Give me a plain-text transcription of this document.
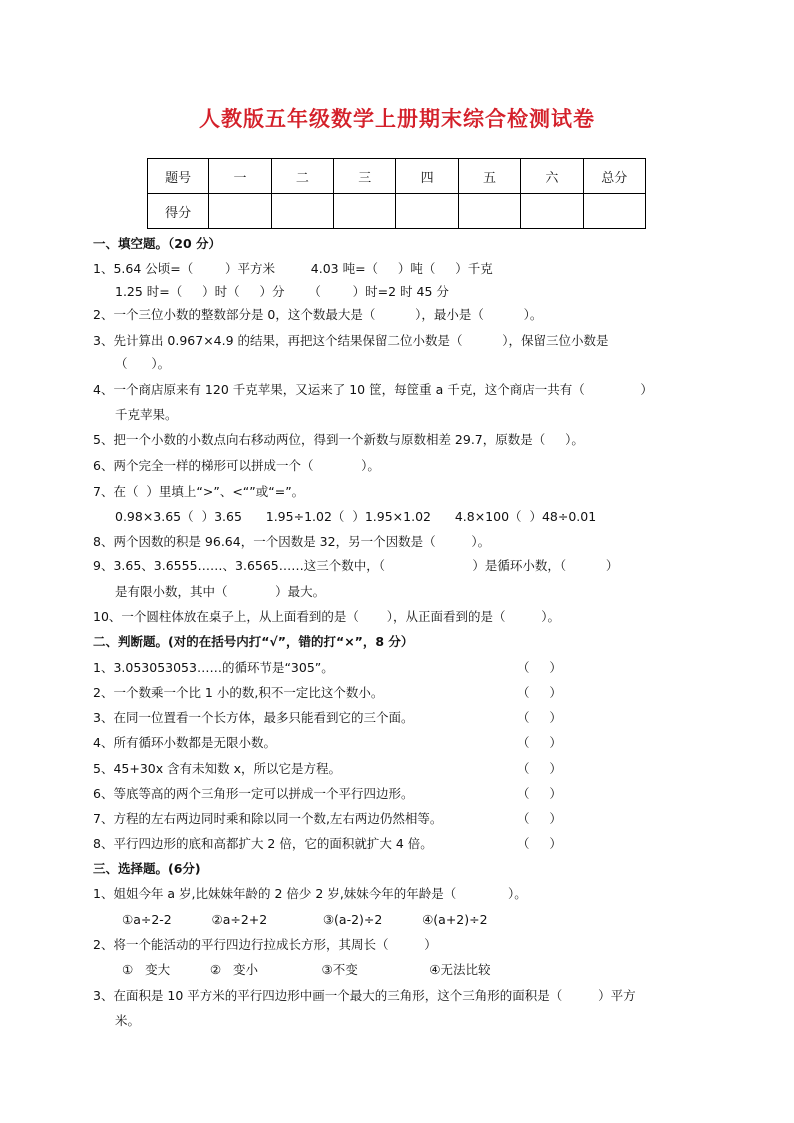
人教版五年级数学上册期末综合检测试卷
题号	一	二	三	四	五	六	总分
得分							
一、填空题。（20 分）
1、5.64 公顷=（        ）平方米         4.03 吨=（     ）吨（     ）千克
1.25 时=（     ）时（     ）分      （        ）时=2 时 45 分
2、一个三位小数的整数部分是 0，这个数最大是（          ），最小是（          ）。
3、先计算出 0.967×4.9 的结果，再把这个结果保留二位小数是（          ），保留三位小数是
（      ）。
4、一个商店原来有 120 千克苹果，又运来了 10 筐，每筐重 a 千克，这个商店一共有（              ）
千克苹果。
5、把一个小数的小数点向右移动两位，得到一个新数与原数相差 29.7，原数是（     ）。
6、两个完全一样的梯形可以拼成一个（            ）。
7、在（  ）里填上“>”、<“”或“=”。
0.98×3.65（  ）3.65      1.95÷1.02（  ）1.95×1.02      4.8×100（  ）48÷0.01
8、两个因数的积是 96.64，一个因数是 32，另一个因数是（         ）。
9、3.65、3.6555……、3.6565……这三个数中，（                      ）是循环小数，（          ）
是有限小数，其中（            ）最大。
10、一个圆柱体放在桌子上，从上面看到的是（       ），从正面看到的是（         ）。
二、判断题。(对的在括号内打“√”，错的打“×”，8 分）
1、3.053053053……的循环节是“305”。
2、一个数乘一个比 1 小的数,积不一定比这个数小。
3、在同一位置看一个长方体，最多只能看到它的三个面。
4、所有循环小数都是无限小数。
5、45+30x 含有未知数 x，所以它是方程。
6、等底等高的两个三角形一定可以拼成一个平行四边形。
7、方程的左右两边同时乘和除以同一个数,左右两边仍然相等。
8、平行四边形的底和高都扩大 2 倍，它的面积就扩大 4 倍。
三、选择题。(6分)
1、姐姐今年 a 岁,比妹妹年龄的 2 倍少 2 岁,妹妹今年的年龄是（             ）。
①a÷2-2          ②a÷2+2              ③(a-2)÷2          ④(a+2)÷2
2、将一个能活动的平行四边行拉成长方形，其周长（         ）
①   变大          ②   变小                ③不变                  ④无法比较
3、在面积是 10 平方米的平行四边形中画一个最大的三角形，这个三角形的面积是（         ）平方
米。
（     ）
（     ）
（     ）
（     ）
（     ）
（     ）
（     ）
（     ）
